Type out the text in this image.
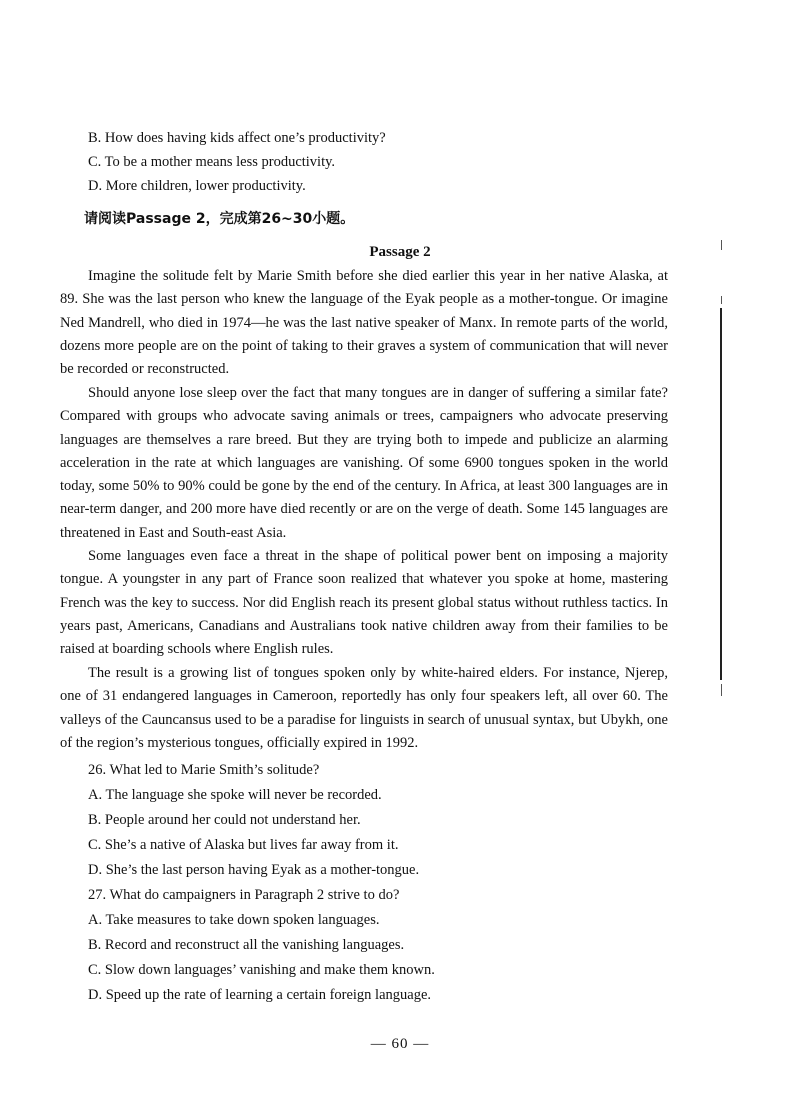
B. How does having kids affect one’s productivity?
C. To be a mother means less productivity.
D. More children, lower productivity.
请阅读Passage 2，完成第26~30小题。
Passage 2

Imagine the solitude felt by Marie Smith before she died earlier this year in her native Alaska, at 89. She was the last person who knew the language of the Eyak people as a mother-tongue. Or imagine Ned Mandrell, who died in 1974—he was the last native speaker of Manx. In remote parts of the world, dozens more people are on the point of taking to their graves a system of communication that will never be recorded or reconstructed.

Should anyone lose sleep over the fact that many tongues are in danger of suffering a similar fate? Compared with groups who advocate saving animals or trees, campaigners who advocate preserving languages are themselves a rare breed. But they are trying both to impede and publicize an alarming acceleration in the rate at which languages are vanishing. Of some 6900 tongues spoken in the world today, some 50% to 90% could be gone by the end of the century. In Africa, at least 300 languages are in near-term danger, and 200 more have died recently or are on the verge of death. Some 145 languages are threatened in East and South-east Asia.

Some languages even face a threat in the shape of political power bent on imposing a majority tongue. A youngster in any part of France soon realized that whatever you spoke at home, mastering French was the key to success. Nor did English reach its present global status without ruthless tactics. In years past, Americans, Canadians and Australians took native children away from their families to be raised at boarding schools where English rules.

The result is a growing list of tongues spoken only by white-haired elders. For instance, Njerep, one of 31 endangered languages in Cameroon, reportedly has only four speakers left, all over 60. The valleys of the Cauncansus used to be a paradise for linguists in search of unusual syntax, but Ubykh, one of the region’s mysterious tongues, officially expired in 1992.

26. What led to Marie Smith’s solitude?
A. The language she spoke will never be recorded.
B. People around her could not understand her.
C. She’s a native of Alaska but lives far away from it.
D. She’s the last person having Eyak as a mother-tongue.
27. What do campaigners in Paragraph 2 strive to do?
A. Take measures to take down spoken languages.
B. Record and reconstruct all the vanishing languages.
C. Slow down languages’ vanishing and make them known.
D. Speed up the rate of learning a certain foreign language.
— 60 —
